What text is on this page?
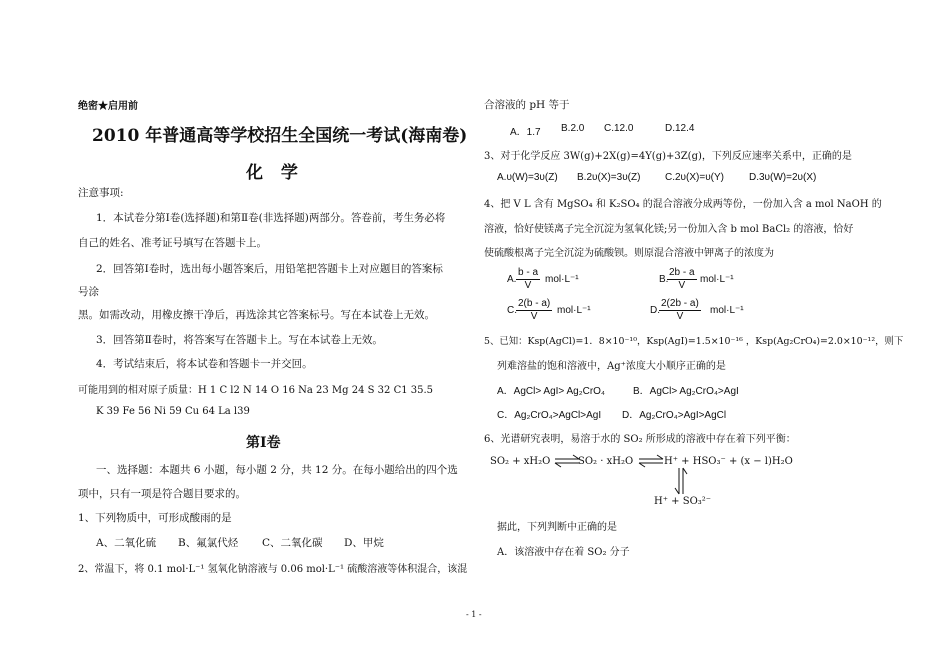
绝密★启用前
2010 年普通高等学校招生全国统一考试(海南卷)
化 学
注意事项:
1．本试卷分第Ⅰ卷(选择题)和第Ⅱ卷(非选择题)两部分。答卷前，考生务必将
自己的姓名、准考证号填写在答题卡上。
2．回答第Ⅰ卷时，选出每小题答案后，用铅笔把答题卡上对应题目的答案标
号涂
黑。如需改动，用橡皮擦干净后，再选涂其它答案标号。写在本试卷上无效。
3．回答第Ⅱ卷时，将答案写在答题卡上。写在本试卷上无效。
4．考试结束后，将本试卷和答题卡一并交回。
可能用到的相对原子质量：H 1 C l2 N 14 O 16 Na 23 Mg 24 S 32 C1 35.5
K 39 Fe 56 Ni 59 Cu 64 La l39
第Ⅰ卷
一、选择题：本题共 6 小题，每小题 2 分，共 12 分。在每小题给出的四个选
项中，只有一项是符合题目要求的。
1、下列物质中，可形成酸雨的是
A、二氧化硫 B、氟氯代烃 C、二氧化碳 D、甲烷
2、常温下，将 0.1 mol·L⁻¹ 氢氧化钠溶液与 0.06 mol·L⁻¹ 硫酸溶液等体积混合，该混
合溶液的 pH 等于
A．1.7 B.2.0 C.12.0	D.12.4
3、对于化学反应 3W(g)+2X(g)=4Y(g)+3Z(g)，下列反应速率关系中，正确的是
A.υ(W)=3υ(Z) B.2υ(X)=3υ(Z) C.2υ(X)=υ(Y)	D.3υ(W)=2υ(X)
4、把 V L 含有 MgSO₄ 和 K₂SO₄ 的混合溶液分成两等份，一份加入含 a mol NaOH 的
溶液，恰好使镁离子完全沉淀为氢氧化镁;另一份加入含 b mol BaCl₂ 的溶液，恰好
使硫酸根离子完全沉淀为硫酸钡。则原混合溶液中钾离子的浓度为
A. $\frac{b - a}{V} mol\cdot L^{-1}$	B.
$\frac{2b - a}{V} mol\cdot L^{-1}$
C. $\frac{2(b - a)}{V} mol\cdot L^{-1}$	D. $\frac{2(2b - a)}{V} mol\cdot L^{-1}$
5、已知：Ksp(AgCl)=1．8×10⁻¹⁰，Ksp(AgI)=1.5×10⁻¹⁶ ，Ksp(Ag₂CrO₄)=2.0×10⁻¹²，则下
列难溶盐的饱和溶液中，Ag⁺浓度大小顺序正确的是
A．AgCl> AgI> Ag₂CrO₄	B．AgCl> Ag₂CrO₄>AgI
C．Ag₂CrO₄>AgCl>AgI D．Ag₂CrO₄>AgI>AgCl
6、光谱研究表明，易溶于水的 SO₂ 所形成的溶液中存在着下列平衡：
SO₂ + xH₂O ⇌
SO₂ · xH₂O ⇌ H⁺ + HSO₃⁻ + (x − l)H₂O
H⁺ + SO₃²⁻
据此，下列判断中正确的是
A．该溶液中存在着 SO₂ 分子
- 1 -
